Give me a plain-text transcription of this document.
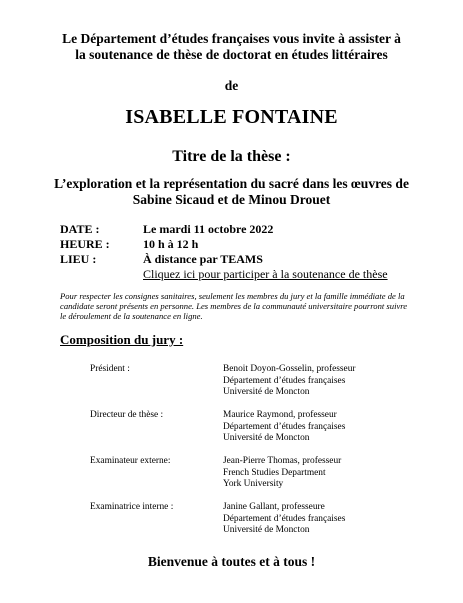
Le Département d’études françaises vous invite à assister à
la soutenance de thèse de doctorat en études littéraires
de
ISABELLE FONTAINE
Titre de la thèse :
L’exploration et la représentation du sacré dans les œuvres de
Sabine Sicaud et de Minou Drouet
DATE :	Le mardi 11 octobre 2022
HEURE :	10 h à 12 h
LIEU :	À distance par TEAMS
Cliquez ici pour participer à la soutenance de thèse
Pour respecter les consignes sanitaires, seulement les membres du jury et la famille immédiate de la
candidate seront présents en personne. Les membres de la communauté universitaire pourront suivre
le déroulement de la soutenance en ligne.
Composition du jury :
Président :	Benoit Doyon-Gosselin, professeur
Département d’études françaises
Université de Moncton
Directeur de thèse :	Maurice Raymond, professeur
Département d’études françaises
Université de Moncton
Examinateur externe:	Jean-Pierre Thomas, professeur
French Studies Department
York University
Examinatrice interne :	Janine Gallant, professeure
Département d’études françaises
Université de Moncton
Bienvenue à toutes et à tous !
